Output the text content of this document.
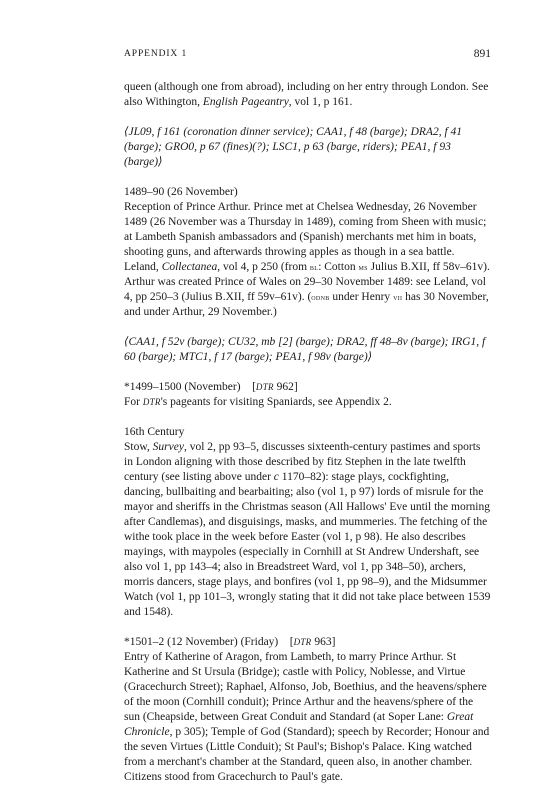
APPENDIX 1	891

queen (although one from abroad), including on her entry through London. See also Withington, English Pageantry, vol 1, p 161.

⟨JL09, f 161 (coronation dinner service); CAA1, f 48 (barge); DRA2, f 41 (barge); GRO0, p 67 (fines)(?); LSC1, p 63 (barge, riders); PEA1, f 93 (barge)⟩

1489–90 (26 November)
Reception of Prince Arthur. Prince met at Chelsea Wednesday, 26 November 1489 (26 November was a Thursday in 1489), coming from Sheen with music; at Lambeth Spanish ambassadors and (Spanish) merchants met him in boats, shooting guns, and afterwards throwing apples as though in a sea battle. Leland, Collectanea, vol 4, p 250 (from bl: Cotton ms Julius B.XII, ff 58v–61v). Arthur was created Prince of Wales on 29–30 November 1489: see Leland, vol 4, pp 250–3 (Julius B.XII, ff 59v–61v). (odnb under Henry vii has 30 November, and under Arthur, 29 November.)

⟨CAA1, f 52v (barge); CU32, mb [2] (barge); DRA2, ff 48–8v (barge); IRG1, f 60 (barge); MTC1, f 17 (barge); PEA1, f 98v (barge)⟩

*1499–1500 (November) [DTR 962]
For DTR's pageants for visiting Spaniards, see Appendix 2.

16th Century
Stow, Survey, vol 2, pp 93–5, discusses sixteenth-century pastimes and sports in London aligning with those described by fitz Stephen in the late twelfth century (see listing above under c 1170–82): stage plays, cockfighting, dancing, bullbaiting and bearbaiting; also (vol 1, p 97) lords of misrule for the mayor and sheriffs in the Christmas season (All Hallows' Eve until the morning after Candlemas), and disguisings, masks, and mummeries. The fetching of the withe took place in the week before Easter (vol 1, p 98). He also describes mayings, with maypoles (especially in Cornhill at St Andrew Undershaft, see also vol 1, pp 143–4; also in Breadstreet Ward, vol 1, pp 348–50), archers, morris dancers, stage plays, and bonfires (vol 1, pp 98–9), and the Midsummer Watch (vol 1, pp 101–3, wrongly stating that it did not take place between 1539 and 1548).

*1501–2 (12 November) (Friday) [DTR 963]
Entry of Katherine of Aragon, from Lambeth, to marry Prince Arthur. St Katherine and St Ursula (Bridge); castle with Policy, Noblesse, and Virtue (Gracechurch Street); Raphael, Alfonso, Job, Boethius, and the heavens/sphere of the moon (Cornhill conduit); Prince Arthur and the heavens/sphere of the sun (Cheapside, between Great Conduit and Standard (at Soper Lane: Great Chronicle, p 305); Temple of God (Standard); speech by Recorder; Honour and the seven Virtues (Little Conduit); St Paul's; Bishop's Palace. King watched from a merchant's chamber at the Standard, queen also, in another chamber. Citizens stood from Gracechurch to Paul's gate.
